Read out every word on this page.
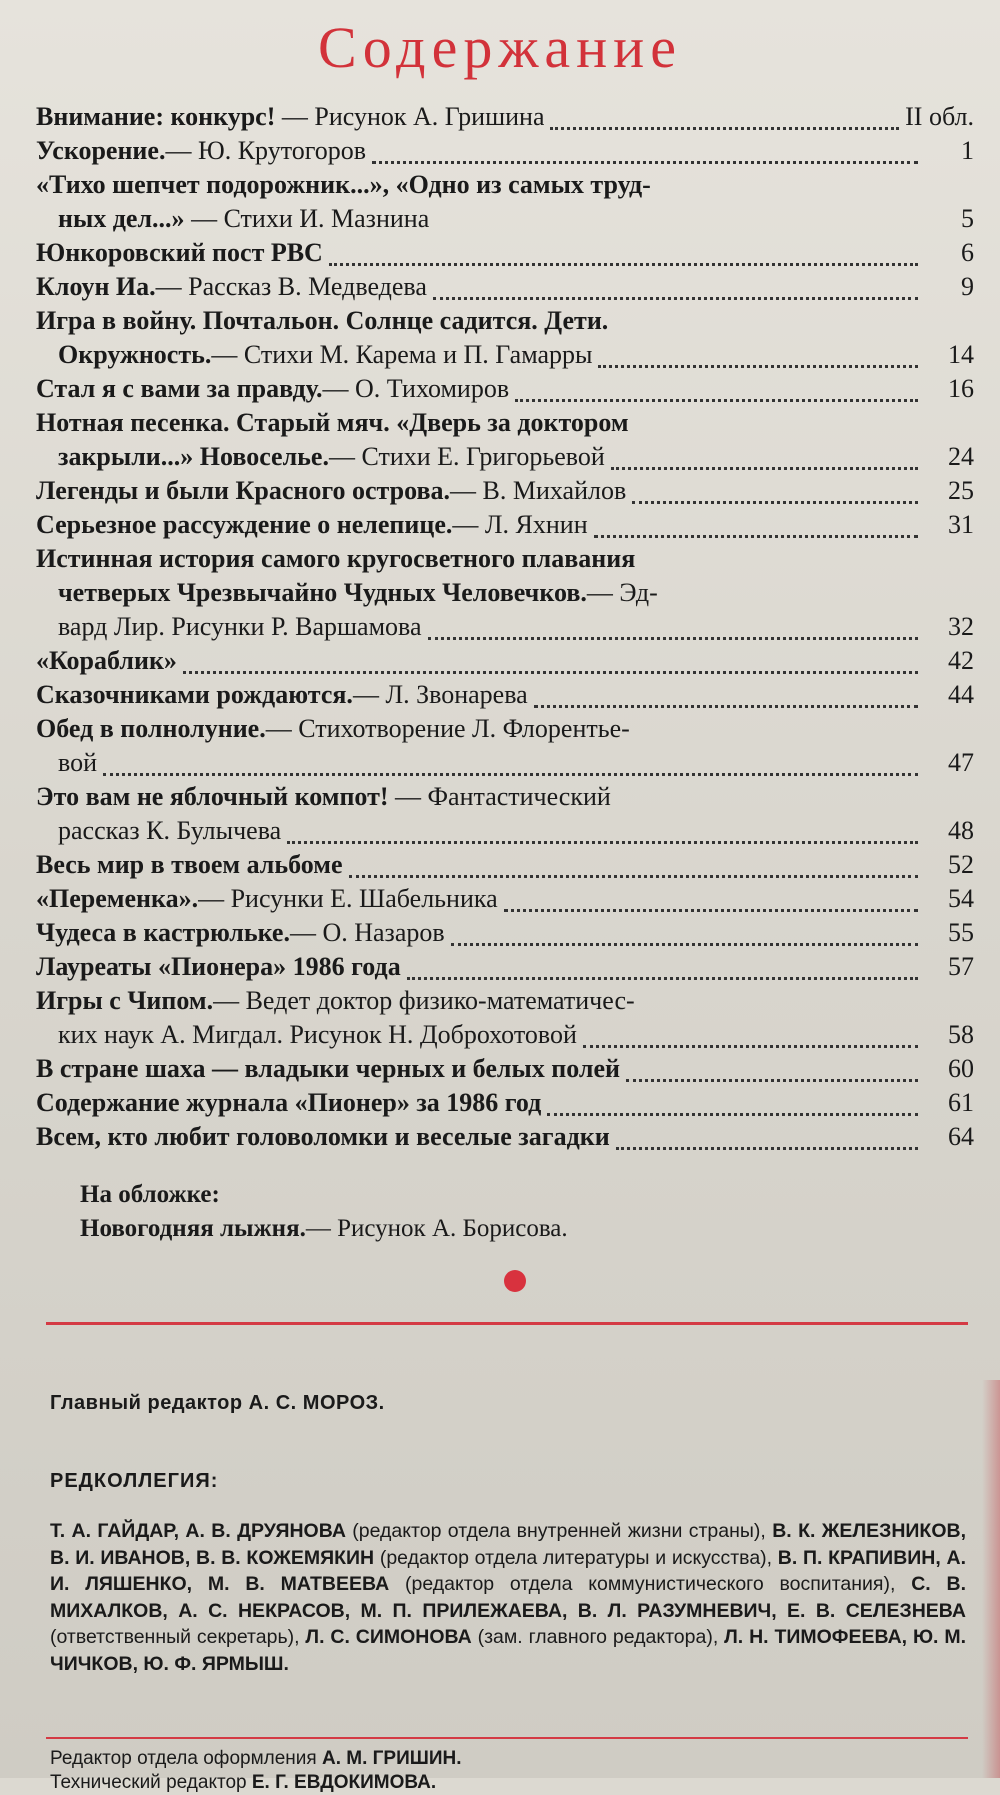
Содержание
Внимание: конкурс! — Рисунок А. Гришина	II обл.
Ускорение.— Ю. Крутогоров	1
«Тихо шепчет подорожник...», «Одно из самых труд-
ных дел...» — Стихи И. Мазнина	5
Юнкоровский пост РВС	6
Клоун Иа.— Рассказ В. Медведева	9
Игра в войну. Почтальон. Солнце садится. Дети.
Окружность.— Стихи М. Карема и П. Гамарры	14
Стал я с вами за правду.— О. Тихомиров	16
Нотная песенка. Старый мяч. «Дверь за доктором
закрыли...» Новоселье.— Стихи Е. Григорьевой	24
Легенды и были Красного острова.— В. Михайлов	25
Серьезное рассуждение о нелепице.— Л. Яхнин	31
Истинная история самого кругосветного плавания
четверых Чрезвычайно Чудных Человечков.— Эд-
вард Лир. Рисунки Р. Варшамова	32
«Кораблик»	42
Сказочниками рождаются.— Л. Звонарева	44
Обед в полнолуние.— Стихотворение Л. Флорентье-
вой	47
Это вам не яблочный компот! — Фантастический
рассказ К. Булычева	48
Весь мир в твоем альбоме	52
«Переменка».— Рисунки Е. Шабельника	54
Чудеса в кастрюльке.— О. Назаров	55
Лауреаты «Пионера» 1986 года	57
Игры с Чипом.— Ведет доктор физико-математичес-
ких наук А. Мигдал. Рисунок Н. Доброхотовой	58
В стране шаха — владыки черных и белых полей	60
Содержание журнала «Пионер» за 1986 год	61
Всем, кто любит головоломки и веселые загадки	64
На обложке:
Новогодняя лыжня.— Рисунок А. Борисова.
Главный редактор А. С. МОРОЗ.
РЕДКОЛЛЕГИЯ:
Т. А. ГАЙДАР, А. В. ДРУЯНОВА (редактор отдела внутренней жизни страны), В. К. ЖЕЛЕЗНИКОВ, В. И. ИВАНОВ, В. В. КОЖЕМЯКИН (редактор отдела литературы и искусства), В. П. КРАПИВИН, А. И. ЛЯШЕНКО, М. В. МАТВЕЕВА (редактор отдела коммунистического воспитания), С. В. МИХАЛКОВ, А. С. НЕКРАСОВ, М. П. ПРИЛЕЖАЕВА, В. Л. РАЗУМНЕВИЧ, Е. В. СЕЛЕЗНЕВА (ответственный секретарь), Л. С. СИМОНОВА (зам. главного редактора), Л. Н. ТИМОФЕЕВА, Ю. М. ЧИЧКОВ, Ю. Ф. ЯРМЫШ.
Редактор отдела оформления А. М. ГРИШИН.
Технический редактор Е. Г. ЕВДОКИМОВА.
